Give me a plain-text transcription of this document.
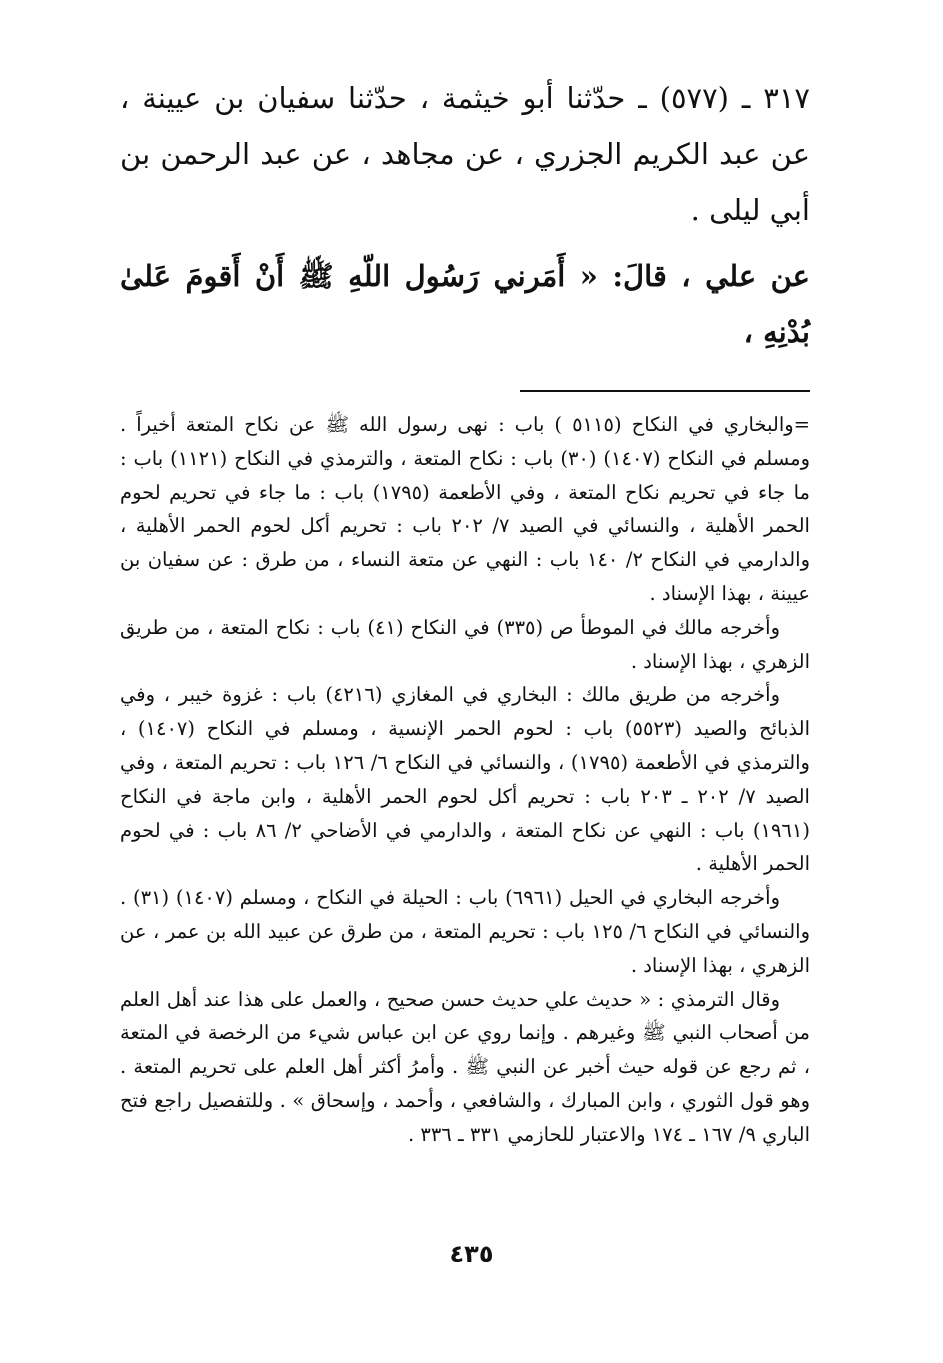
٣١٧ ـ (٥٧٧) ـ حدّثنا أبو خيثمة ، حدّثنا سفيان بن عيينة ، عن عبد الكريم الجزري ، عن مجاهد ، عن عبد الرحمن بن أبي ليلى .

عن علي ، قالَ: « أَمَرني رَسُول اللّهِ ﷺ أَنْ أَقومَ عَلىٰ بُدْنِهِ ،

=والبخاري في النكاح (٥١١٥ ) باب : نهى رسول الله ﷺ عن نكاح المتعة أخيراً . ومسلم في النكاح (١٤٠٧) (٣٠) باب : نكاح المتعة ، والترمذي في النكاح (١١٢١) باب : ما جاء في تحريم نكاح المتعة ، وفي الأطعمة (١٧٩٥) باب : ما جاء في تحريم لحوم الحمر الأهلية ، والنسائي في الصيد ٧/ ٢٠٢ باب : تحريم أكل لحوم الحمر الأهلية ، والدارمي في النكاح ٢/ ١٤٠ باب : النهي عن متعة النساء ، من طرق : عن سفيان بن عيينة ، بهذا الإسناد .

وأخرجه مالك في الموطأ ص (٣٣٥) في النكاح (٤١) باب : نكاح المتعة ، من طريق الزهري ، بهذا الإسناد .

وأخرجه من طريق مالك : البخاري في المغازي (٤٢١٦) باب : غزوة خيبر ، وفي الذبائح والصيد (٥٥٢٣) باب : لحوم الحمر الإنسية ، ومسلم في النكاح (١٤٠٧) ، والترمذي في الأطعمة (١٧٩٥) ، والنسائي في النكاح ٦/ ١٢٦ باب : تحريم المتعة ، وفي الصيد ٧/ ٢٠٢ ـ ٢٠٣ باب : تحريم أكل لحوم الحمر الأهلية ، وابن ماجة في النكاح (١٩٦١) باب : النهي عن نكاح المتعة ، والدارمي في الأضاحي ٢/ ٨٦ باب : في لحوم الحمر الأهلية .

وأخرجه البخاري في الحيل (٦٩٦١) باب : الحيلة في النكاح ، ومسلم (١٤٠٧) (٣١) . والنسائي في النكاح ٦/ ١٢٥ باب : تحريم المتعة ، من طرق عن عبيد الله بن عمر ، عن الزهري ، بهذا الإسناد .

وقال الترمذي : « حديث علي حديث حسن صحيح ، والعمل على هذا عند أهل العلم من أصحاب النبي ﷺ وغيرهم . وإنما روي عن ابن عباس شيء من الرخصة في المتعة ، ثم رجع عن قوله حيث أخبر عن النبي ﷺ . وأمرُ أكثر أهل العلم على تحريم المتعة . وهو قول الثوري ، وابن المبارك ، والشافعي ، وأحمد ، وإسحاق » . وللتفصيل راجع فتح الباري ٩/ ١٦٧ ـ ١٧٤ والاعتبار للحازمي ٣٣١ ـ ٣٣٦ .

٤٣٥
